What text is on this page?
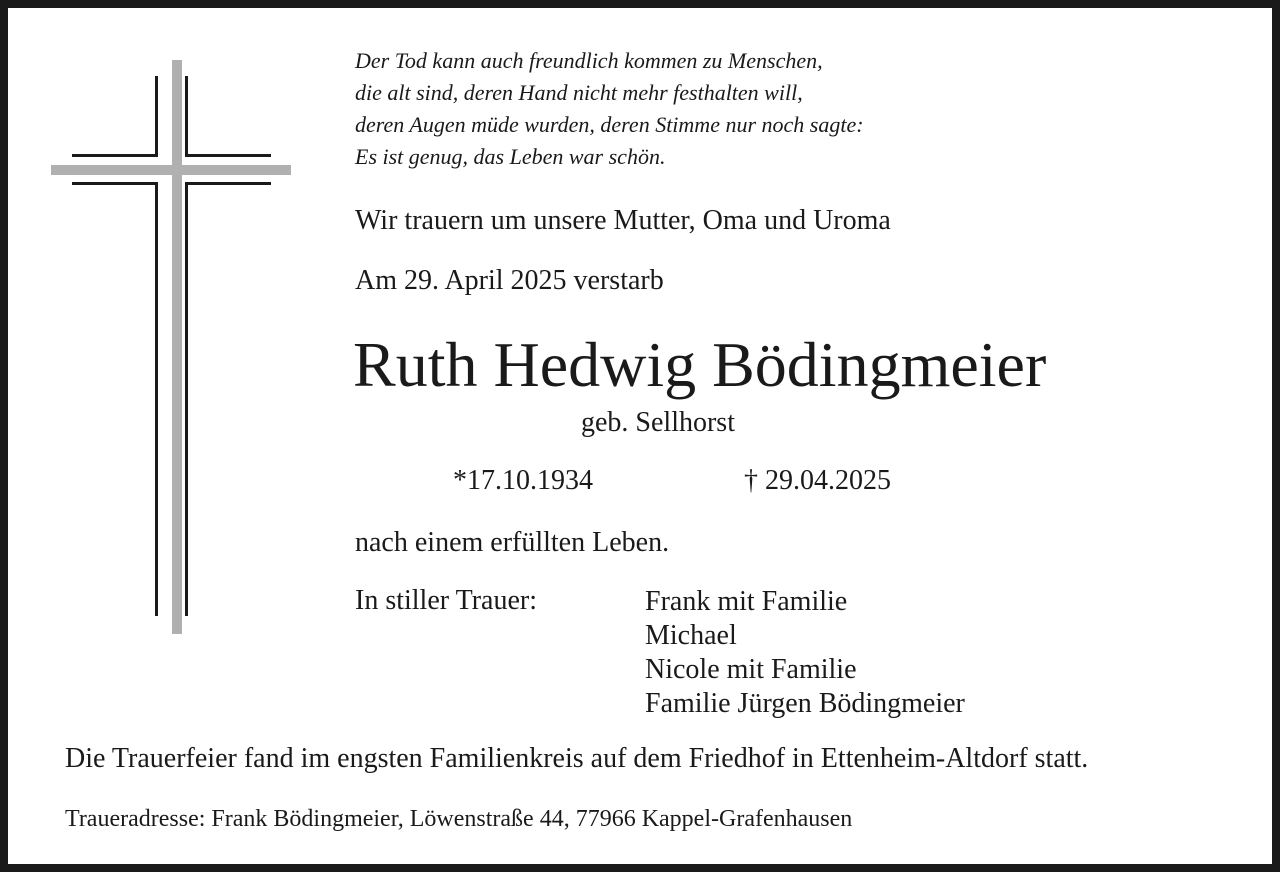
Der Tod kann auch freundlich kommen zu Menschen,
die alt sind, deren Hand nicht mehr festhalten will,
deren Augen müde wurden, deren Stimme nur noch sagte:
Es ist genug, das Leben war schön.
Wir trauern um unsere Mutter, Oma und Uroma
Am 29. April 2025 verstarb
Ruth Hedwig Bödingmeier
geb. Sellhorst
*17.10.1934	† 29.04.2025
nach einem erfüllten Leben.
In stiller Trauer:	Frank mit Familie
Michael
Nicole mit Familie
Familie Jürgen Bödingmeier
Die Trauerfeier fand im engsten Familienkreis auf dem Friedhof in Ettenheim-Altdorf statt.
Traueradresse: Frank Bödingmeier, Löwenstraße 44, 77966 Kappel-Grafenhausen
